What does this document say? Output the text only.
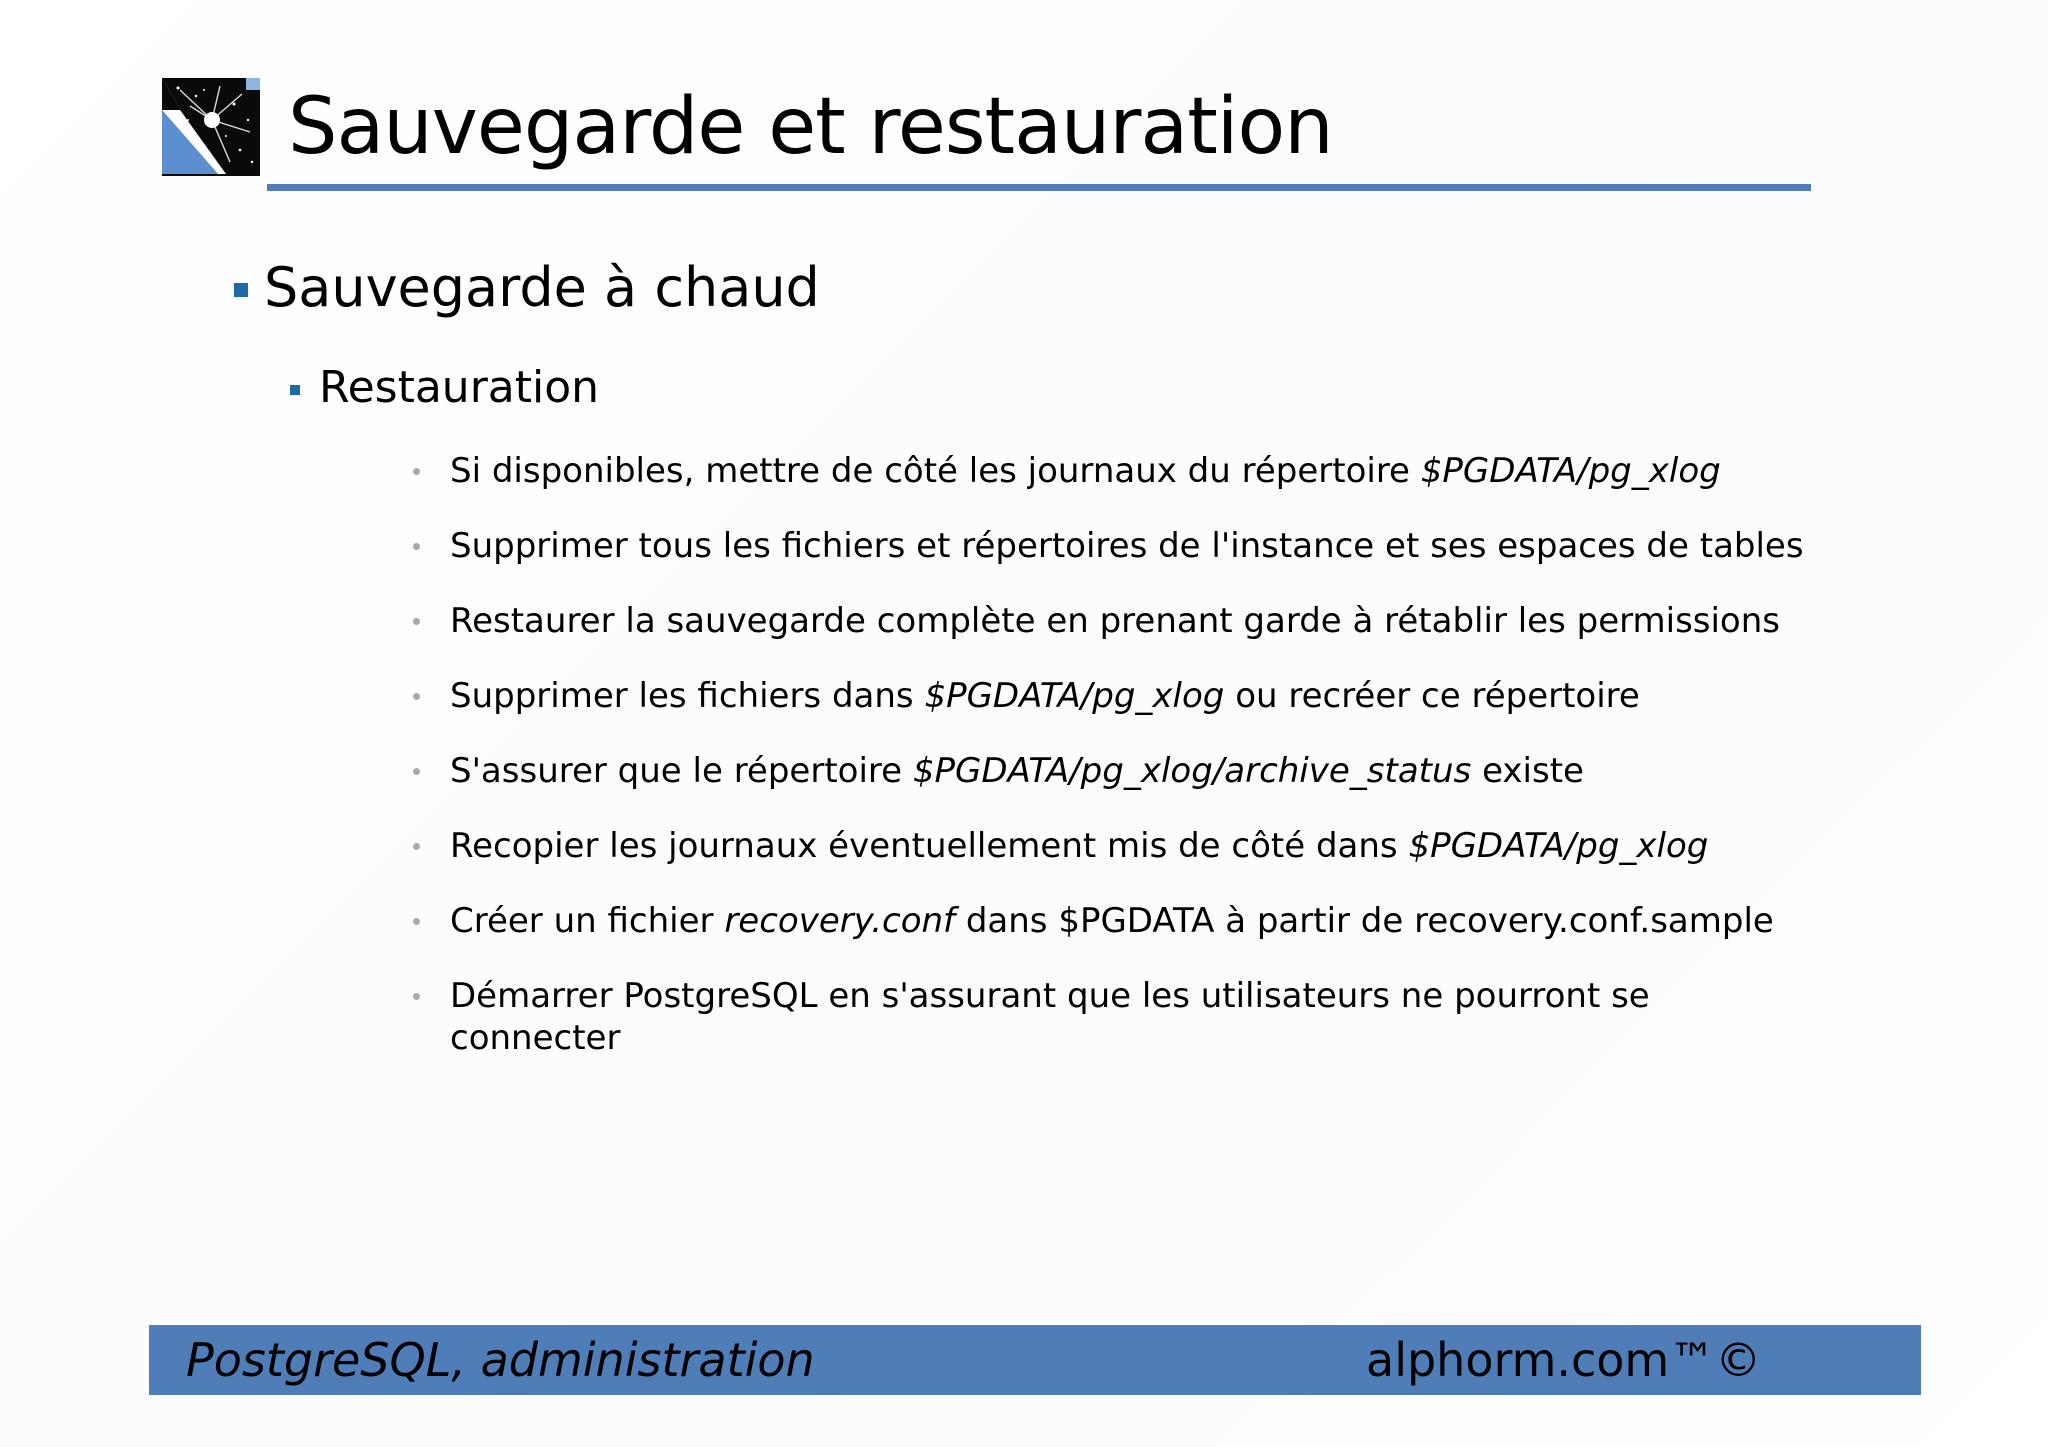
Sauvegarde et restauration
Sauvegarde à chaud
Restauration
Si disponibles, mettre de côté les journaux du répertoire $PGDATA/pg_xlog
Supprimer tous les fichiers et répertoires de l'instance et ses espaces de tables
Restaurer la sauvegarde complète en prenant garde à rétablir les permissions
Supprimer les fichiers dans $PGDATA/pg_xlog ou recréer ce répertoire
S'assurer que le répertoire $PGDATA/pg_xlog/archive_status existe
Recopier les journaux éventuellement mis de côté dans $PGDATA/pg_xlog
Créer un fichier recovery.conf dans $PGDATA à partir de recovery.conf.sample
Démarrer PostgreSQL en s'assurant que les utilisateurs ne pourront se connecter
PostgreSQL, administration	alphorm.com™©
